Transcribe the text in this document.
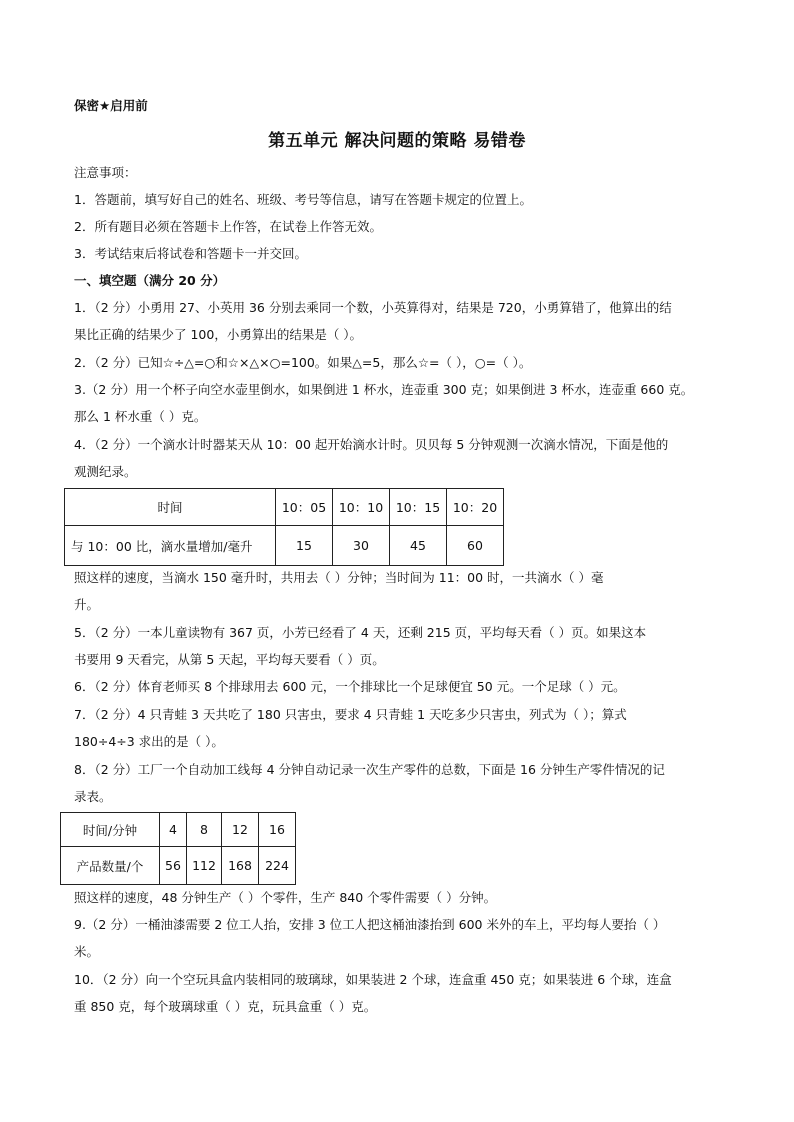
保密★启用前
第五单元 解决问题的策略 易错卷
注意事项：
1．答题前，填写好自己的姓名、班级、考号等信息，请写在答题卡规定的位置上。
2．所有题目必须在答题卡上作答，在试卷上作答无效。
3．考试结束后将试卷和答题卡一并交回。
一、填空题（满分 20 分）
1．（2 分）小勇用 27、小英用 36 分别去乘同一个数，小英算得对，结果是 720，小勇算错了，他算出的结
果比正确的结果少了 100，小勇算出的结果是（ ）。
2．（2 分）已知☆÷△=○和☆×△×○=100。如果△=5，那么☆=（ ），○=（ ）。
3.（2 分）用一个杯子向空水壶里倒水，如果倒进 1 杯水，连壶重 300 克；如果倒进 3 杯水，连壶重 660 克。
那么 1 杯水重（ ）克。
4．（2 分）一个滴水计时器某天从 10：00 起开始滴水计时。贝贝每 5 分钟观测一次滴水情况，下面是他的
观测纪录。
时间	10：05	10：10	10：15	10：20
与 10：00 比，滴水量增加/毫升	15	30	45	60
照这样的速度，当滴水 150 毫升时，共用去（ ）分钟；当时间为 11：00 时，一共滴水（ ）毫
升。
5．（2 分）一本儿童读物有 367 页，小芳已经看了 4 天，还剩 215 页，平均每天看（ ）页。如果这本
书要用 9 天看完，从第 5 天起，平均每天要看（ ）页。
6．（2 分）体育老师买 8 个排球用去 600 元，一个排球比一个足球便宜 50 元。一个足球（ ）元。
7．（2 分）4 只青蛙 3 天共吃了 180 只害虫，要求 4 只青蛙 1 天吃多少只害虫，列式为（ ）；算式
180÷4÷3 求出的是（ ）。
8．（2 分）工厂一个自动加工线每 4 分钟自动记录一次生产零件的总数，下面是 16 分钟生产零件情况的记
录表。
时间/分钟	4	8	12	16
产品数量/个	56	112	168	224
照这样的速度，48 分钟生产（ ）个零件，生产 840 个零件需要（ ）分钟。
9.（2 分）一桶油漆需要 2 位工人抬，安排 3 位工人把这桶油漆抬到 600 米外的车上，平均每人要抬（ ）
米。
10．（2 分）向一个空玩具盒内装相同的玻璃球，如果装进 2 个球，连盒重 450 克；如果装进 6 个球，连盒
重 850 克，每个玻璃球重（ ）克，玩具盒重（ ）克。
